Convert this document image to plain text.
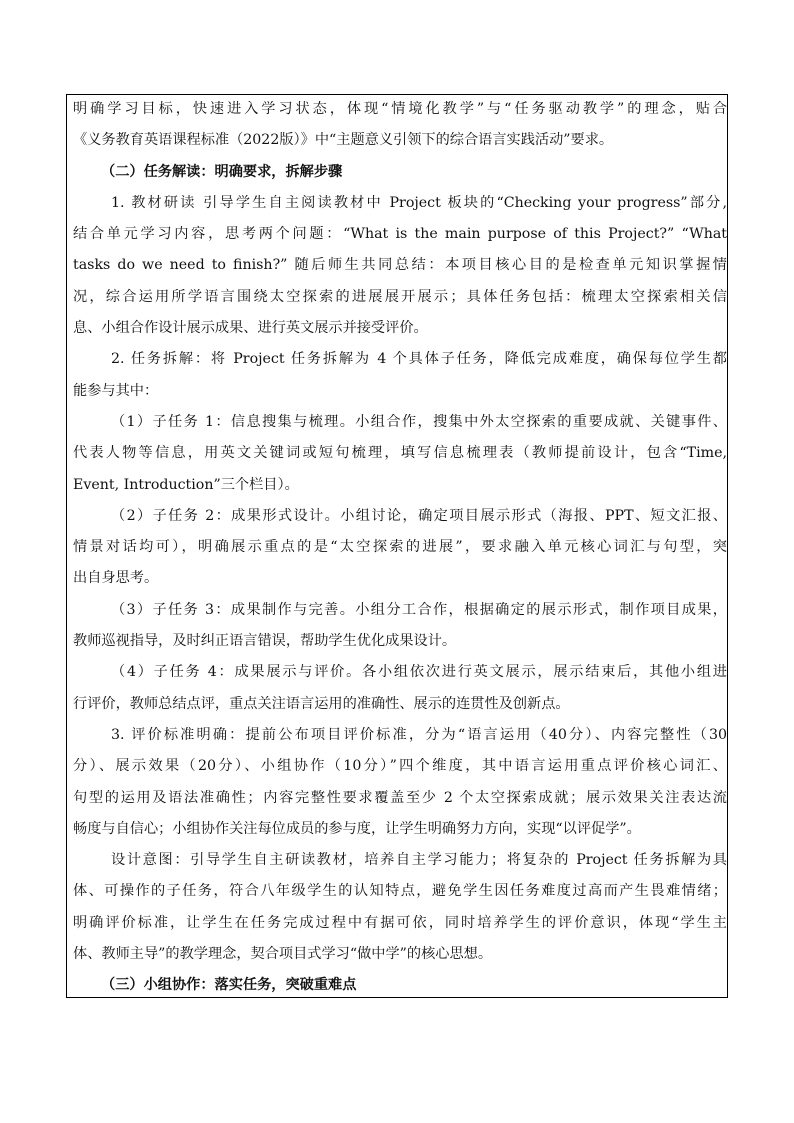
明确学习目标，快速进入学习状态，体现“情境化教学”与“任务驱动教学”的理念，贴合
《义务教育英语课程标准（2022版）》中“主题意义引领下的综合语言实践活动”要求。
（二）任务解读：明确要求，拆解步骤
1. 教材研读 引导学生自主阅读教材中 Project 板块的“Checking your progress”部分,
结合单元学习内容，思考两个问题：“What is the main purpose of this Project?” “What
tasks do we need to finish?” 随后师生共同总结：本项目核心目的是检查单元知识掌握情
况，综合运用所学语言围绕太空探索的进展展开展示；具体任务包括：梳理太空探索相关信
息、小组合作设计展示成果、进行英文展示并接受评价。
2. 任务拆解：将 Project 任务拆解为 4 个具体子任务，降低完成难度，确保每位学生都
能参与其中：
（1）子任务 1：信息搜集与梳理。小组合作，搜集中外太空探索的重要成就、关键事件、
代表人物等信息，用英文关键词或短句梳理，填写信息梳理表（教师提前设计，包含“Time,
Event, Introduction”三个栏目）。
（2）子任务 2：成果形式设计。小组讨论，确定项目展示形式（海报、PPT、短文汇报、
情景对话均可），明确展示重点的是“太空探索的进展”，要求融入单元核心词汇与句型，突
出自身思考。
（3）子任务 3：成果制作与完善。小组分工合作，根据确定的展示形式，制作项目成果，
教师巡视指导，及时纠正语言错误，帮助学生优化成果设计。
（4）子任务 4：成果展示与评价。各小组依次进行英文展示，展示结束后，其他小组进
行评价，教师总结点评，重点关注语言运用的准确性、展示的连贯性及创新点。
3. 评价标准明确：提前公布项目评价标准，分为“语言运用（40分）、内容完整性（30
分）、展示效果（20分）、小组协作（10分）”四个维度，其中语言运用重点评价核心词汇、
句型的运用及语法准确性；内容完整性要求覆盖至少 2 个太空探索成就；展示效果关注表达流
畅度与自信心；小组协作关注每位成员的参与度，让学生明确努力方向，实现“以评促学”。
设计意图：引导学生自主研读教材，培养自主学习能力；将复杂的 Project 任务拆解为具
体、可操作的子任务，符合八年级学生的认知特点，避免学生因任务难度过高而产生畏难情绪；
明确评价标准，让学生在任务完成过程中有据可依，同时培养学生的评价意识，体现“学生主
体、教师主导”的教学理念，契合项目式学习“做中学”的核心思想。
（三）小组协作：落实任务，突破重难点
